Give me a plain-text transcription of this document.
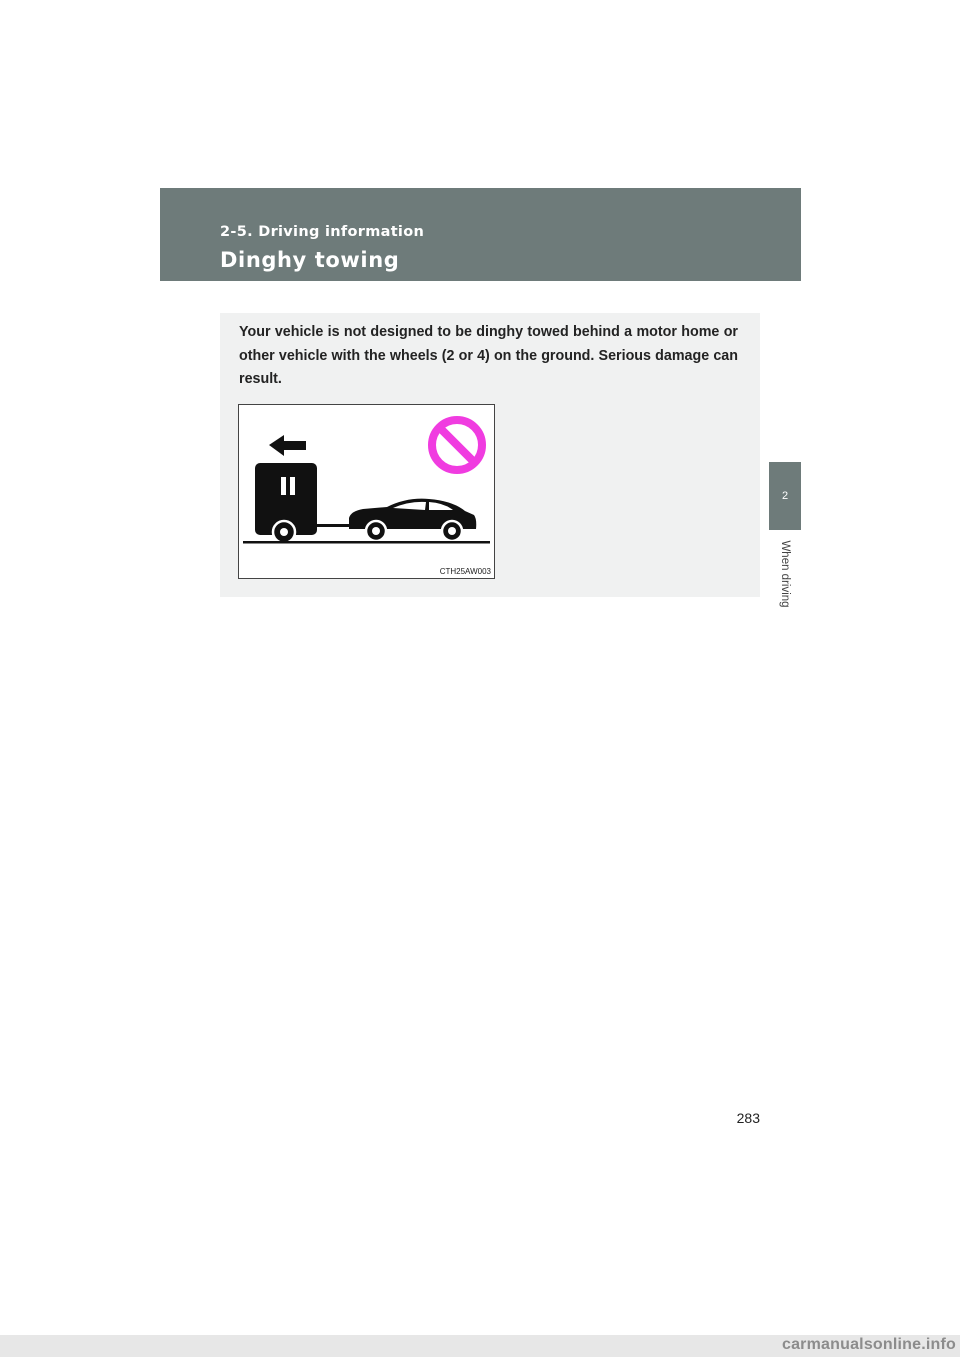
2-5. Driving information
Dinghy towing
2
When driving

Your vehicle is not designed to be dinghy towed behind a motor home or other vehicle with the wheels (2 or 4) on the ground. Serious damage can result.

CTH25AW003
283
carmanualsonline.info
